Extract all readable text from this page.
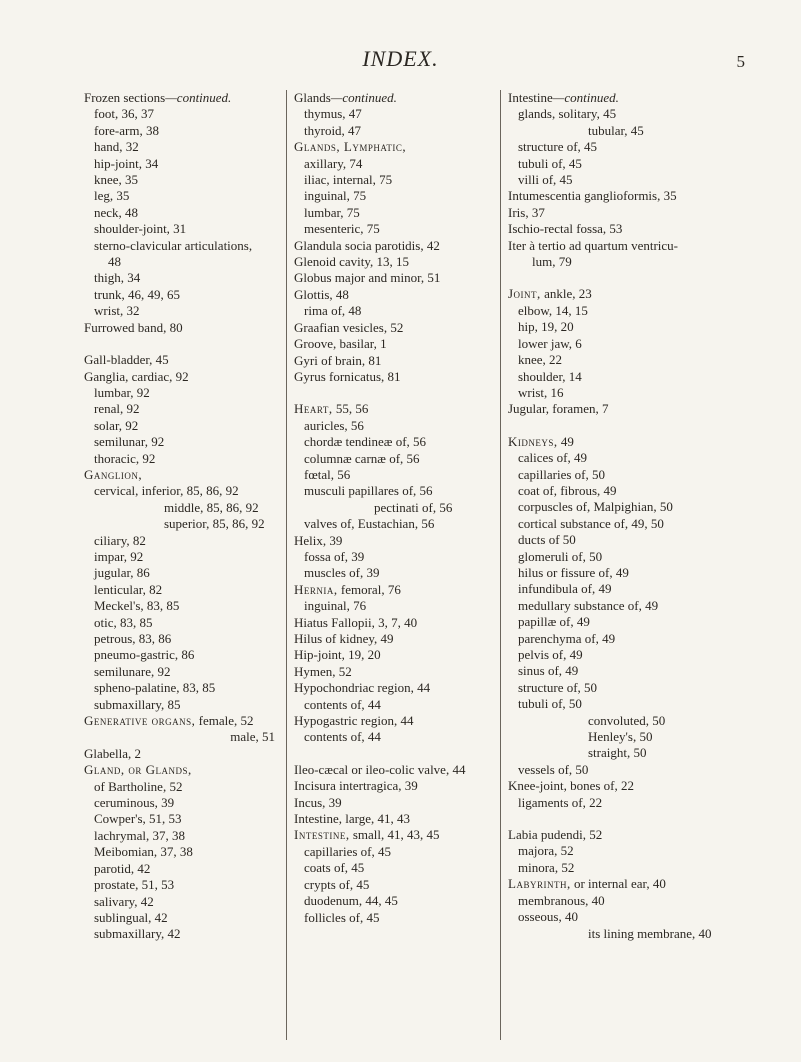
INDEX.	5
Frozen sections—continued.
foot, 36, 37
fore-arm, 38
hand, 32
hip-joint, 34
knee, 35
leg, 35
neck, 48
shoulder-joint, 31
sterno-clavicular articulations,
48
thigh, 34
trunk, 46, 49, 65
wrist, 32
Furrowed band, 80
Gall-bladder, 45
Ganglia, cardiac, 92
lumbar, 92
renal, 92
solar, 92
semilunar, 92
thoracic, 92
Ganglion,
cervical, inferior, 85, 86, 92
middle, 85, 86, 92
superior, 85, 86, 92
ciliary, 82
impar, 92
jugular, 86
lenticular, 82
Meckel's, 83, 85
otic, 83, 85
petrous, 83, 86
pneumo-gastric, 86
semilunare, 92
spheno-palatine, 83, 85
submaxillary, 85
Generative organs, female, 52
male, 51
Glabella, 2
Gland, or Glands,
of Bartholine, 52
ceruminous, 39
Cowper's, 51, 53
lachrymal, 37, 38
Meibomian, 37, 38
parotid, 42
prostate, 51, 53
salivary, 42
sublingual, 42
submaxillary, 42
Glands—continued.
thymus, 47
thyroid, 47
Glands, Lymphatic,
axillary, 74
iliac, internal, 75
inguinal, 75
lumbar, 75
mesenteric, 75
Glandula socia parotidis, 42
Glenoid cavity, 13, 15
Globus major and minor, 51
Glottis, 48
rima of, 48
Graafian vesicles, 52
Groove, basilar, 1
Gyri of brain, 81
Gyrus fornicatus, 81
Heart, 55, 56
auricles, 56
chordæ tendineæ of, 56
columnæ carnæ of, 56
fœtal, 56
musculi papillares of, 56
pectinati of, 56
valves of, Eustachian, 56
Helix, 39
fossa of, 39
muscles of, 39
Hernia, femoral, 76
inguinal, 76
Hiatus Fallopii, 3, 7, 40
Hilus of kidney, 49
Hip-joint, 19, 20
Hymen, 52
Hypochondriac region, 44
contents of, 44
Hypogastric region, 44
contents of, 44
Ileo-cæcal or ileo-colic valve, 44
Incisura intertragica, 39
Incus, 39
Intestine, large, 41, 43
Intestine, small, 41, 43, 45
capillaries of, 45
coats of, 45
crypts of, 45
duodenum, 44, 45
follicles of, 45
Intestine—continued.
glands, solitary, 45
tubular, 45
structure of, 45
tubuli of, 45
villi of, 45
Intumescentia ganglioformis, 35
Iris, 37
Ischio-rectal fossa, 53
Iter à tertio ad quartum ventricu-
lum, 79
Joint, ankle, 23
elbow, 14, 15
hip, 19, 20
lower jaw, 6
knee, 22
shoulder, 14
wrist, 16
Jugular, foramen, 7
Kidneys, 49
calices of, 49
capillaries of, 50
coat of, fibrous, 49
corpuscles of, Malpighian, 50
cortical substance of, 49, 50
ducts of 50
glomeruli of, 50
hilus or fissure of, 49
infundibula of, 49
medullary substance of, 49
papillæ of, 49
parenchyma of, 49
pelvis of, 49
sinus of, 49
structure of, 50
tubuli of, 50
convoluted, 50
Henley's, 50
straight, 50
vessels of, 50
Knee-joint, bones of, 22
ligaments of, 22
Labia pudendi, 52
majora, 52
minora, 52
Labyrinth, or internal ear, 40
membranous, 40
osseous, 40
its lining membrane, 40
